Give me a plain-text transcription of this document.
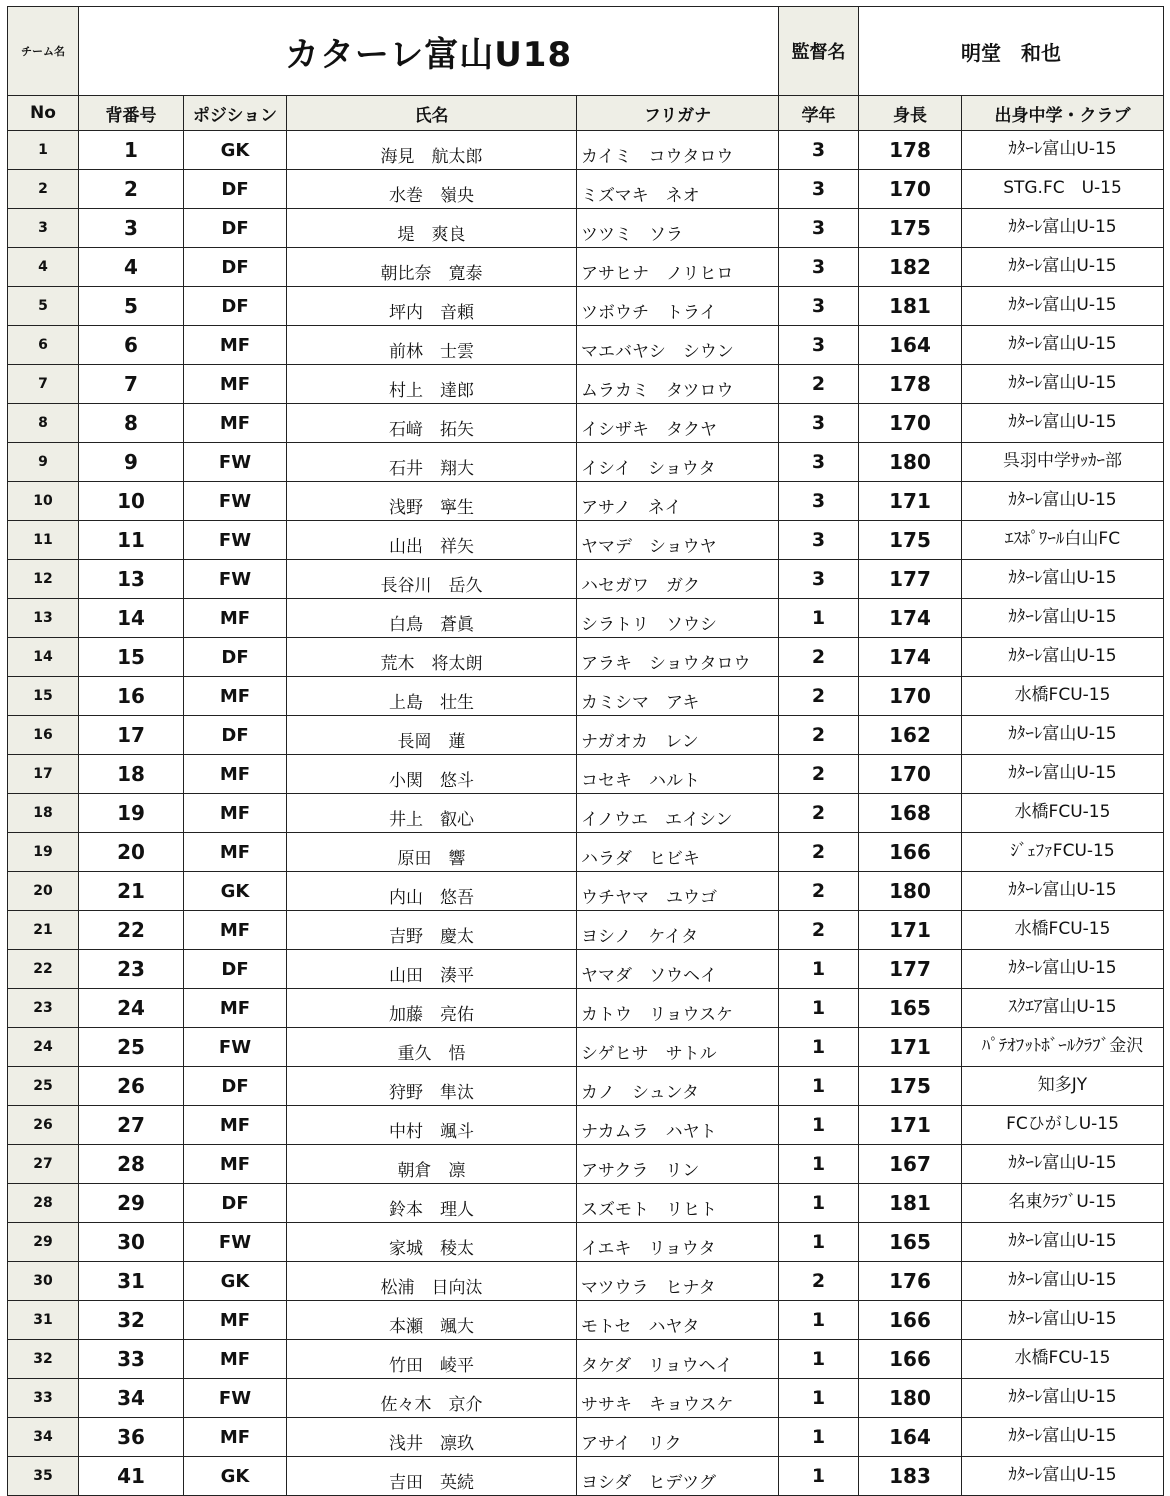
チーム名	カターレ富山U18				監督名	明堂　和也	
No	背番号	ポジション	氏名	フリガナ	学年	身長	出身中学・クラブ
1	1	GK	海見　航太郎	カイミ　コウタロウ	3	178	ｶﾀｰﾚ富山U-15
2	2	DF	水巻　嶺央	ミズマキ　ネオ	3	170	STG.FC　U-15
3	3	DF	堤　爽良	ツツミ　ソラ	3	175	ｶﾀｰﾚ富山U-15
4	4	DF	朝比奈　寛泰	アサヒナ　ノリヒロ	3	182	ｶﾀｰﾚ富山U-15
5	5	DF	坪内　音頼	ツボウチ　トライ	3	181	ｶﾀｰﾚ富山U-15
6	6	MF	前林　士雲	マエバヤシ　シウン	3	164	ｶﾀｰﾚ富山U-15
7	7	MF	村上　達郎	ムラカミ　タツロウ	2	178	ｶﾀｰﾚ富山U-15
8	8	MF	石﨑　拓矢	イシザキ　タクヤ	3	170	ｶﾀｰﾚ富山U-15
9	9	FW	石井　翔大	イシイ　ショウタ	3	180	呉羽中学ｻｯｶｰ部
10	10	FW	浅野　寧生	アサノ　ネイ	3	171	ｶﾀｰﾚ富山U-15
11	11	FW	山出　祥矢	ヤマデ　ショウヤ	3	175	ｴｽﾎﾟﾜｰﾙ白山FC
12	13	FW	長谷川　岳久	ハセガワ　ガク	3	177	ｶﾀｰﾚ富山U-15
13	14	MF	白鳥　蒼眞	シラトリ　ソウシ	1	174	ｶﾀｰﾚ富山U-15
14	15	DF	荒木　将太朗	アラキ　ショウタロウ	2	174	ｶﾀｰﾚ富山U-15
15	16	MF	上島　壮生	カミシマ　アキ	2	170	水橋FCU-15
16	17	DF	長岡　蓮	ナガオカ　レン	2	162	ｶﾀｰﾚ富山U-15
17	18	MF	小関　悠斗	コセキ　ハルト	2	170	ｶﾀｰﾚ富山U-15
18	19	MF	井上　叡心	イノウエ　エイシン	2	168	水橋FCU-15
19	20	MF	原田　響	ハラダ　ヒビキ	2	166	ｼﾞｪﾌｧFCU-15
20	21	GK	内山　悠吾	ウチヤマ　ユウゴ	2	180	ｶﾀｰﾚ富山U-15
21	22	MF	吉野　慶太	ヨシノ　ケイタ	2	171	水橋FCU-15
22	23	DF	山田　湊平	ヤマダ　ソウヘイ	1	177	ｶﾀｰﾚ富山U-15
23	24	MF	加藤　亮佑	カトウ　リョウスケ	1	165	ｽｸｴｱ富山U-15
24	25	FW	重久　悟	シゲヒサ　サトル	1	171	ﾊﾟﾃｵﾌｯﾄﾎﾞｰﾙｸﾗﾌﾞ金沢
25	26	DF	狩野　隼汰	カノ　シュンタ	1	175	知多JY
26	27	MF	中村　颯斗	ナカムラ　ハヤト	1	171	FCひがしU-15
27	28	MF	朝倉　凛	アサクラ　リン	1	167	ｶﾀｰﾚ富山U-15
28	29	DF	鈴本　理人	スズモト　リヒト	1	181	名東ｸﾗﾌﾞU-15
29	30	FW	家城　稜太	イエキ　リョウタ	1	165	ｶﾀｰﾚ富山U-15
30	31	GK	松浦　日向汰	マツウラ　ヒナタ	2	176	ｶﾀｰﾚ富山U-15
31	32	MF	本瀬　颯大	モトセ　ハヤタ	1	166	ｶﾀｰﾚ富山U-15
32	33	MF	竹田　崚平	タケダ　リョウヘイ	1	166	水橋FCU-15
33	34	FW	佐々木　京介	ササキ　キョウスケ	1	180	ｶﾀｰﾚ富山U-15
34	36	MF	浅井　凛玖	アサイ　リク	1	164	ｶﾀｰﾚ富山U-15
35	41	GK	吉田　英続	ヨシダ　ヒデツグ	1	183	ｶﾀｰﾚ富山U-15
